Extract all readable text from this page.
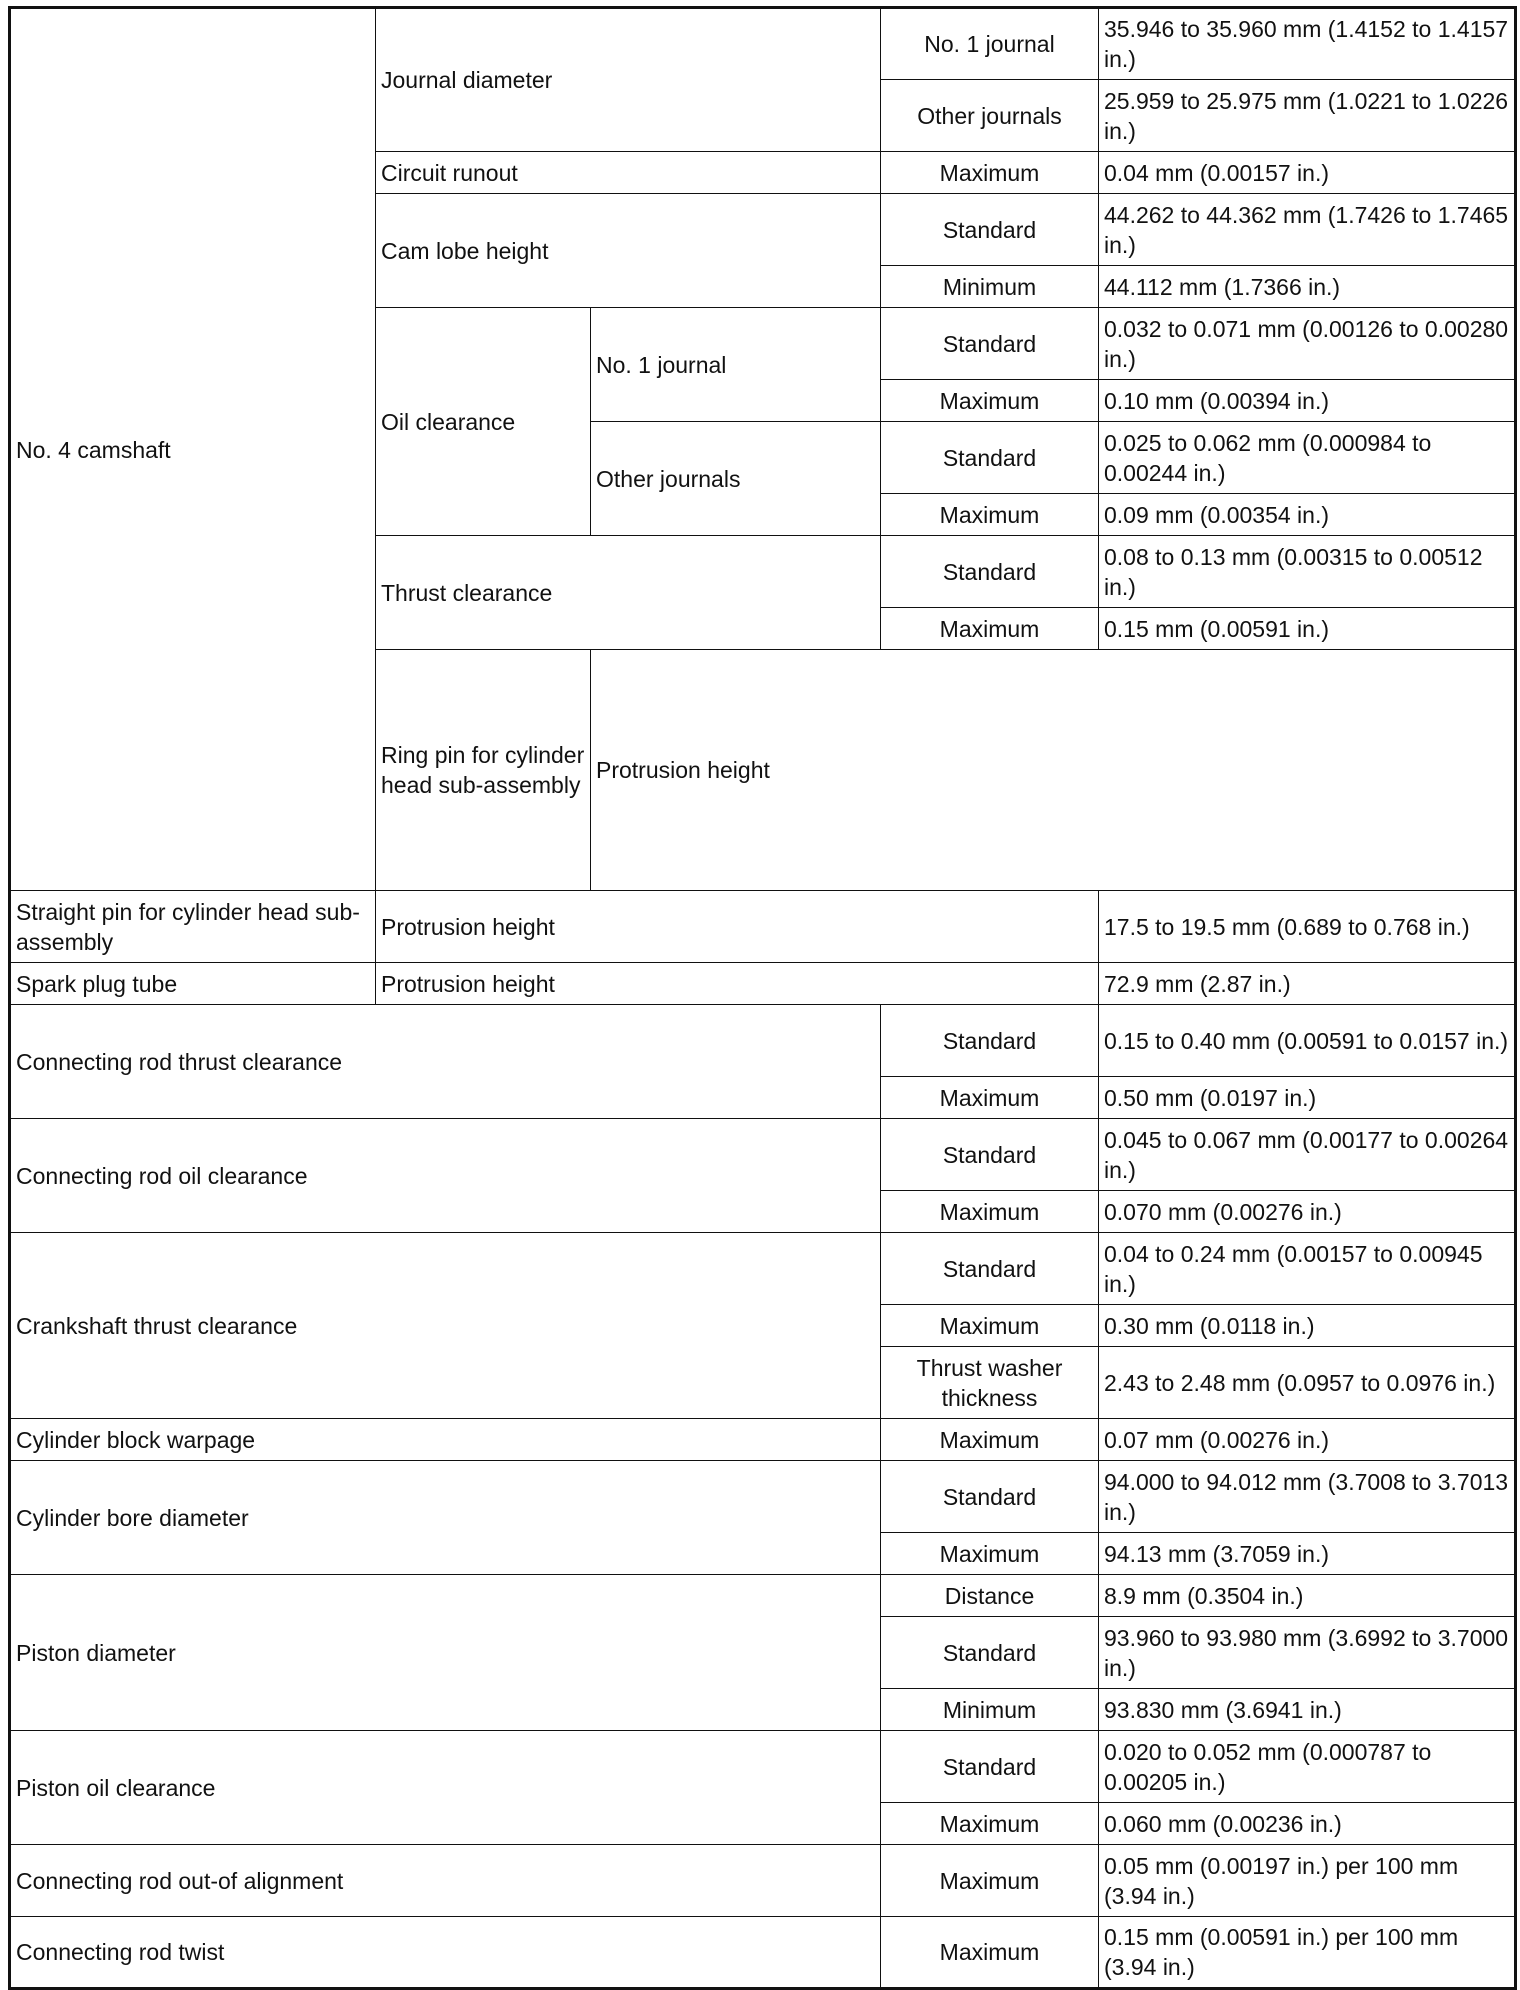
No. 4 camshaft	Journal diameter		No. 1 journal	35.946 to 35.960 mm (1.4152 to 1.4157 in.)	
			Other journals	25.959 to 25.975 mm (1.0221 to 1.0226 in.)	
	Circuit runout		Maximum	0.04 mm (0.00157 in.)	
	Cam lobe height		Standard	44.262 to 44.362 mm (1.7426 to 1.7465 in.)	
			Minimum	44.112 mm (1.7366 in.)	
	Oil clearance	No. 1 journal	Standard	0.032 to 0.071 mm (0.00126 to 0.00280 in.)	
			Maximum	0.10 mm (0.00394 in.)	
		Other journals	Standard	0.025 to 0.062 mm (0.000984 to 0.00244 in.)	
			Maximum	0.09 mm (0.00354 in.)	
	Thrust clearance		Standard	0.08 to 0.13 mm (0.00315 to 0.00512 in.)	
			Maximum	0.15 mm (0.00591 in.)	
	Ring pin for cylinder head sub-assembly	Protrusion height	
Straight pin for cylinder head sub-assembly	Protrusion height			17.5 to 19.5 mm (0.689 to 0.768 in.)	
Spark plug tube	Protrusion height			72.9 mm (2.87 in.)	
Connecting rod thrust clearance			Standard	0.15 to 0.40 mm (0.00591 to 0.0157 in.)	
			Maximum	0.50 mm (0.0197 in.)	
Connecting rod oil clearance			Standard	0.045 to 0.067 mm (0.00177 to 0.00264 in.)	
			Maximum	0.070 mm (0.00276 in.)	
Crankshaft thrust clearance			Standard	0.04 to 0.24 mm (0.00157 to 0.00945 in.)	
			Maximum	0.30 mm (0.0118 in.)	
			Thrust washer thickness	2.43 to 2.48 mm (0.0957 to 0.0976 in.)	
Cylinder block warpage			Maximum	0.07 mm (0.00276 in.)	
Cylinder bore diameter			Standard	94.000 to 94.012 mm (3.7008 to 3.7013 in.)	
			Maximum	94.13 mm (3.7059 in.)	
Piston diameter			Distance	8.9 mm (0.3504 in.)	
			Standard	93.960 to 93.980 mm (3.6992 to 3.7000 in.)	
			Minimum	93.830 mm (3.6941 in.)	
Piston oil clearance			Standard	0.020 to 0.052 mm (0.000787 to 0.00205 in.)	
			Maximum	0.060 mm (0.00236 in.)	
Connecting rod out-of alignment			Maximum	0.05 mm (0.00197 in.) per 100 mm (3.94 in.)	
Connecting rod twist			Maximum	0.15 mm (0.00591 in.) per 100 mm (3.94 in.)	
